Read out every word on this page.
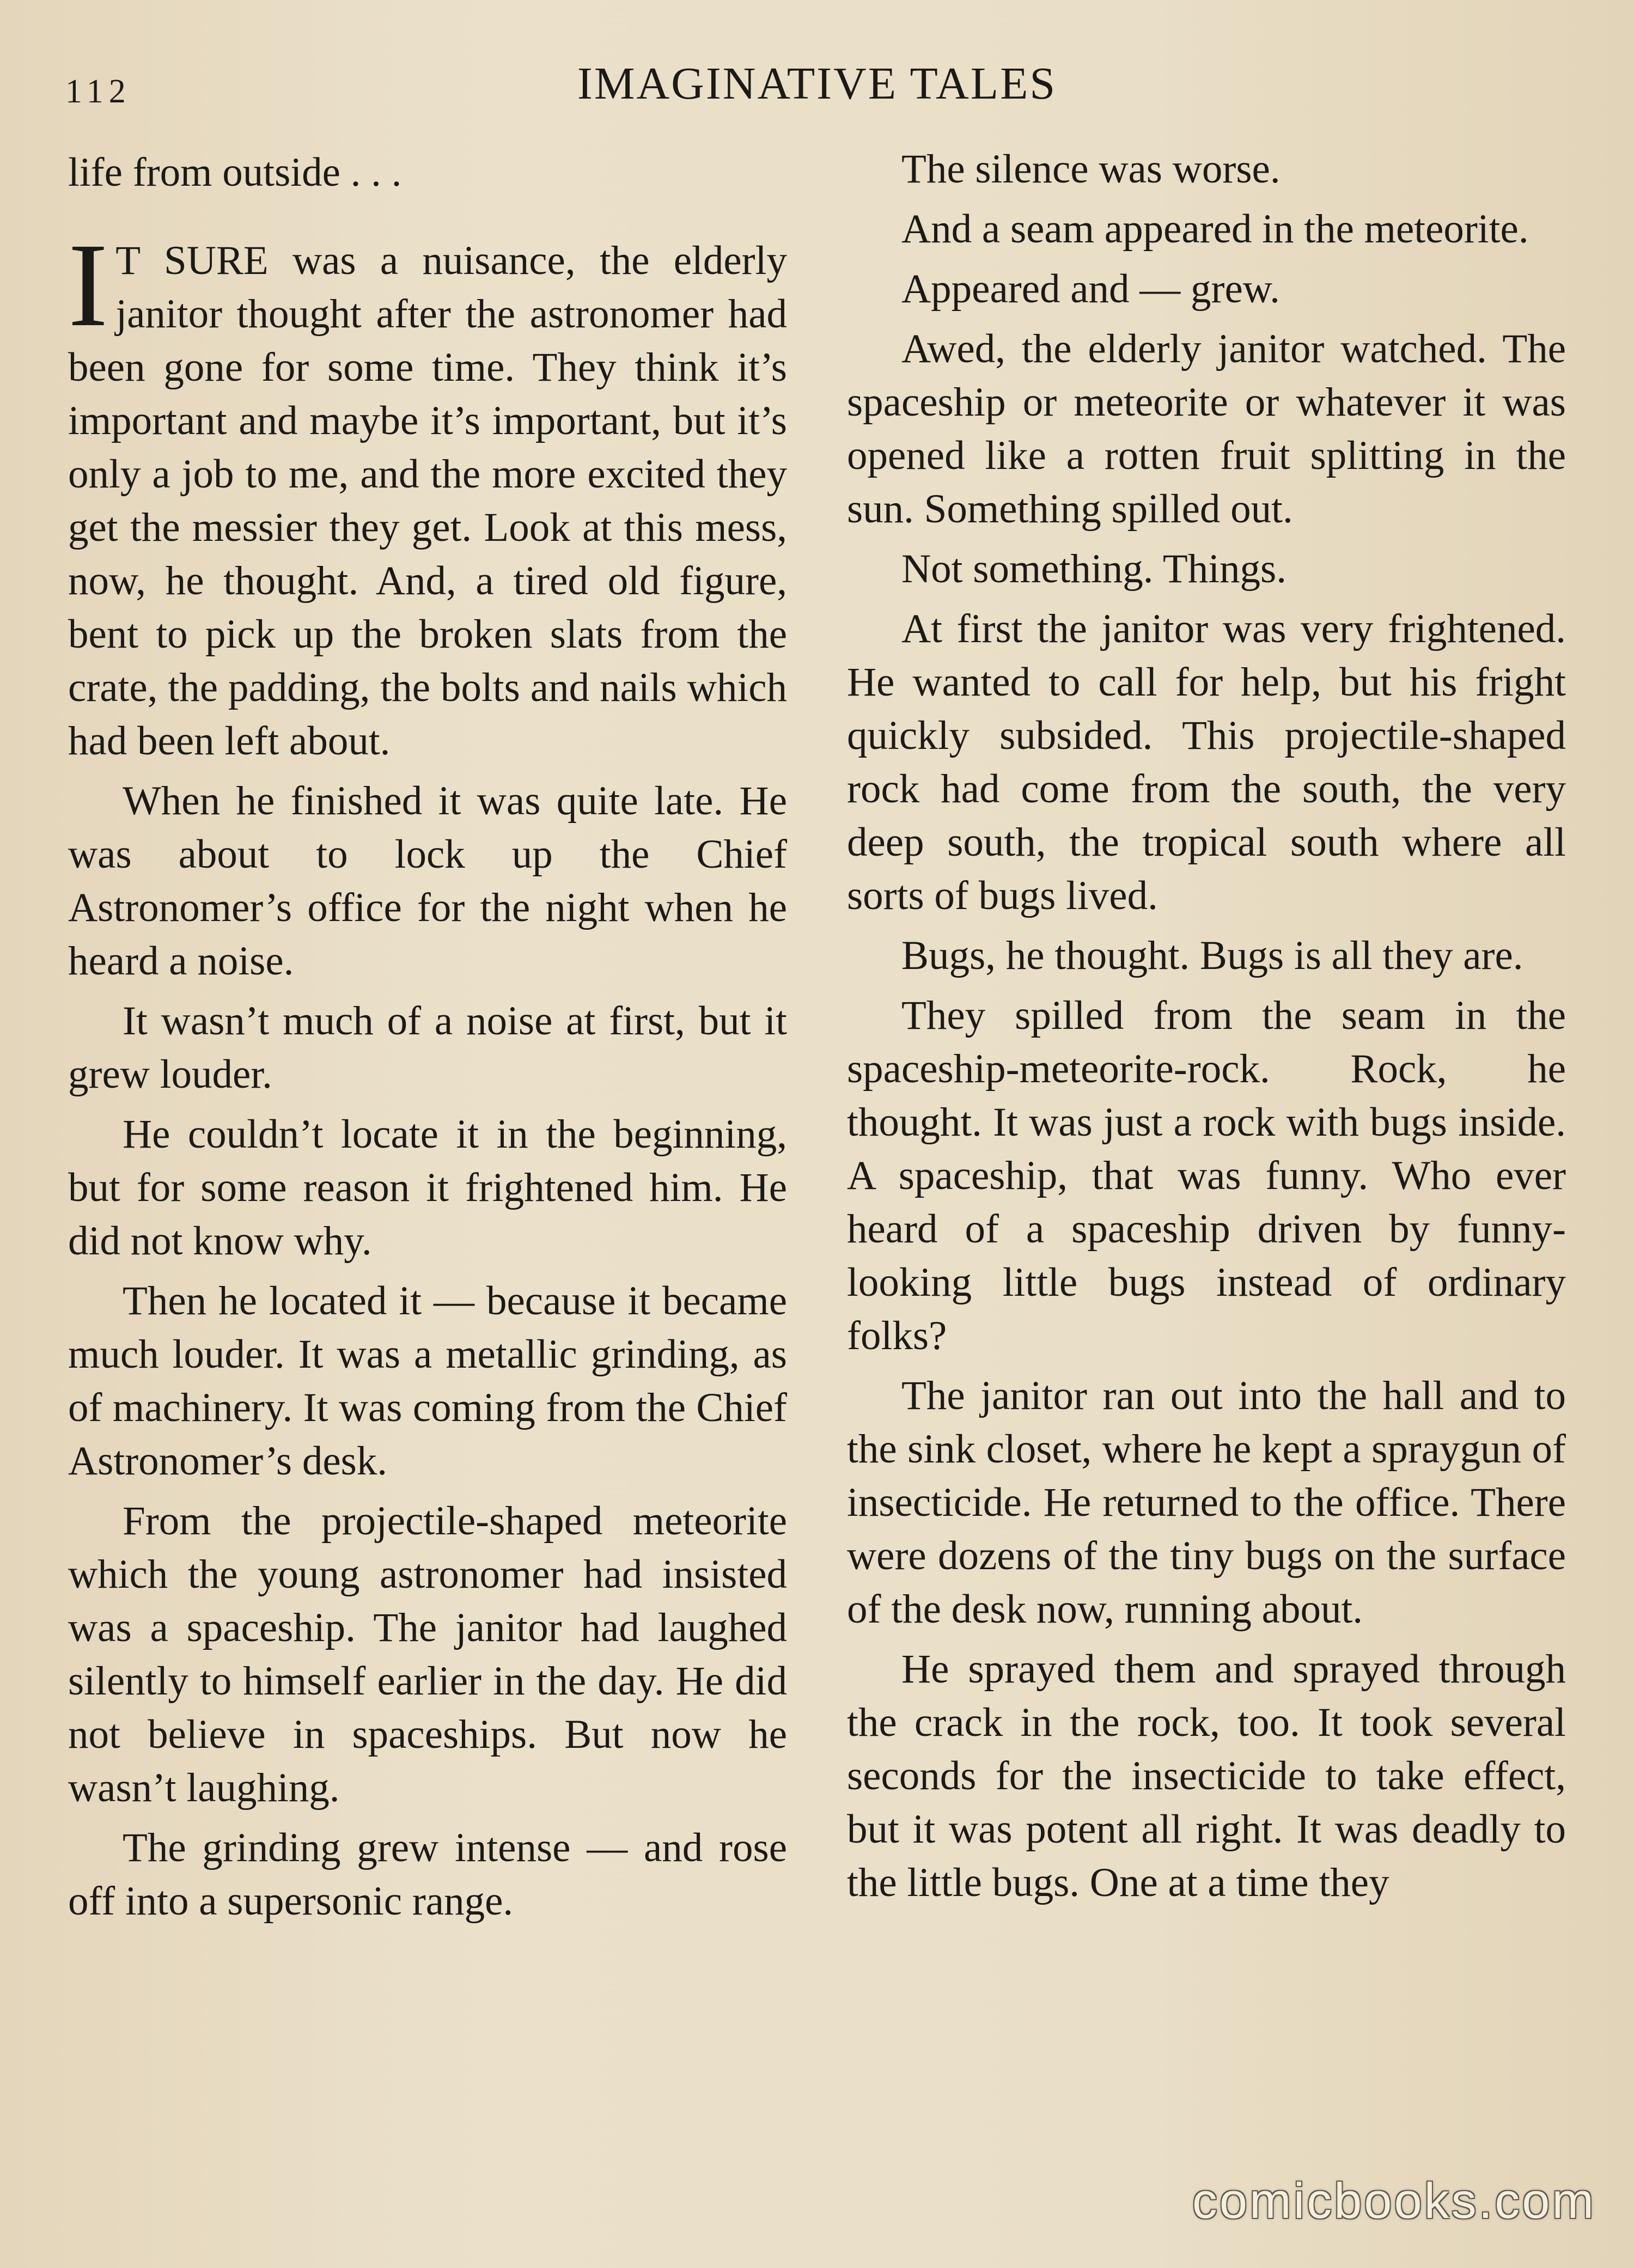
112	IMAGINATIVE TALES

life from outside . . .

I T SURE was a nuisance, the elderly janitor thought after the astronomer had been gone for some time. They think it’s important and maybe it’s important, but it’s only a job to me, and the more excited they get the messier they get. Look at this mess, now, he thought. And, a tired old figure, bent to pick up the broken slats from the crate, the padding, the bolts and nails which had been left about.

When he finished it was quite late. He was about to lock up the Chief Astronomer’s office for the night when he heard a noise.

It wasn’t much of a noise at first, but it grew louder.

He couldn’t locate it in the beginning, but for some reason it frightened him. He did not know why.

Then he located it — because it became much louder. It was a metallic grinding, as of machinery. It was coming from the Chief Astronomer’s desk.

From the projectile-shaped meteorite which the young astronomer had insisted was a spaceship. The janitor had laughed silently to himself earlier in the day. He did not believe in spaceships. But now he wasn’t laughing.

The grinding grew intense — and rose off into a supersonic range.

The silence was worse.

And a seam appeared in the meteorite.

Appeared and — grew.

Awed, the elderly janitor watched. The spaceship or meteorite or whatever it was opened like a rotten fruit splitting in the sun. Something spilled out.

Not something. Things.

At first the janitor was very frightened. He wanted to call for help, but his fright quickly subsided. This projectile-shaped rock had come from the south, the very deep south, the tropical south where all sorts of bugs lived.

Bugs, he thought. Bugs is all they are.

They spilled from the seam in the spaceship-meteorite-rock. Rock, he thought. It was just a rock with bugs inside. A spaceship, that was funny. Who ever heard of a spaceship driven by funny-looking little bugs instead of ordinary folks?

The janitor ran out into the hall and to the sink closet, where he kept a spraygun of insecticide. He returned to the office. There were dozens of the tiny bugs on the surface of the desk now, running about.

He sprayed them and sprayed through the crack in the rock, too. It took several seconds for the insecticide to take effect, but it was potent all right. It was deadly to the little bugs. One at a time they

comicbooks.com
